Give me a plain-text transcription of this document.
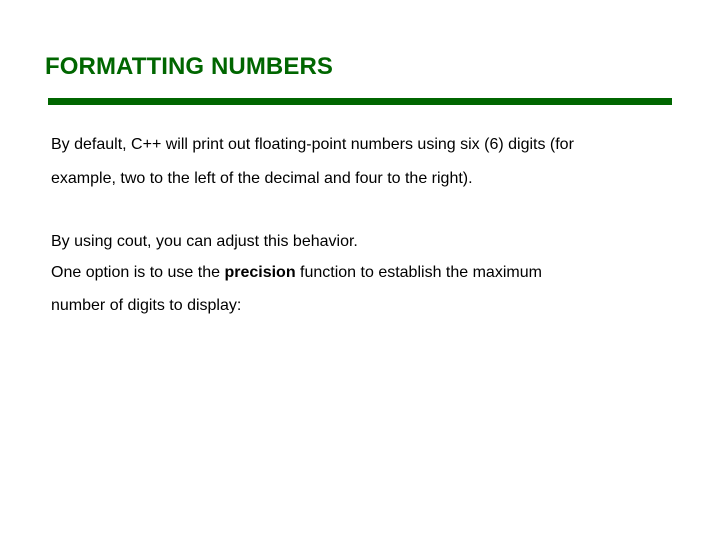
FORMATTING NUMBERS
By default, C++ will print out floating-point numbers using six (6) digits (for
example, two to the left of the decimal and four to the right).
By using cout, you can adjust this behavior.
One option is to use the precision function to establish the maximum
number of digits to display:
